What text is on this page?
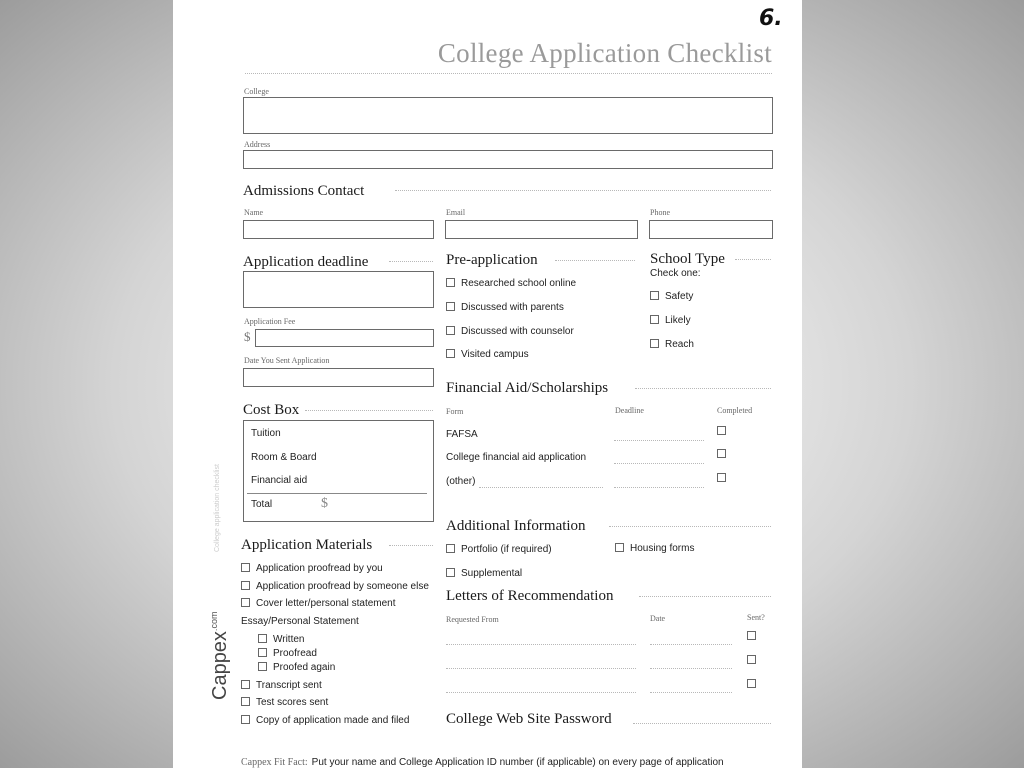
6.
College Application Checklist
College
Address
Admissions Contact
Name	Email	Phone
Application deadline
Application Fee
$
Date You Sent Application
Pre-application
Researched school online
Discussed with parents
Discussed with counselor
Visited campus
School Type
Check one:
Safety
Likely
Reach
Cost Box
Tuition
Room & Board
Financial aid
Total	$
Financial Aid/Scholarships
Form	Deadline	Completed
FAFSA
College financial aid application
(other)
Application Materials
Application proofread by you
Application proofread by someone else
Cover letter/personal statement
Essay/Personal Statement
Written
Proofread
Proofed again
Transcript sent
Test scores sent
Copy of application made and filed
Additional Information
Portfolio (if required)
Supplemental
Housing forms
Letters of Recommendation
Requested From	Date	Sent?
College Web Site Password
Cappex Fit Fact: Put your name and College Application ID number (if applicable) on every page of application
Cappex$^{.com}$
College application checklist
